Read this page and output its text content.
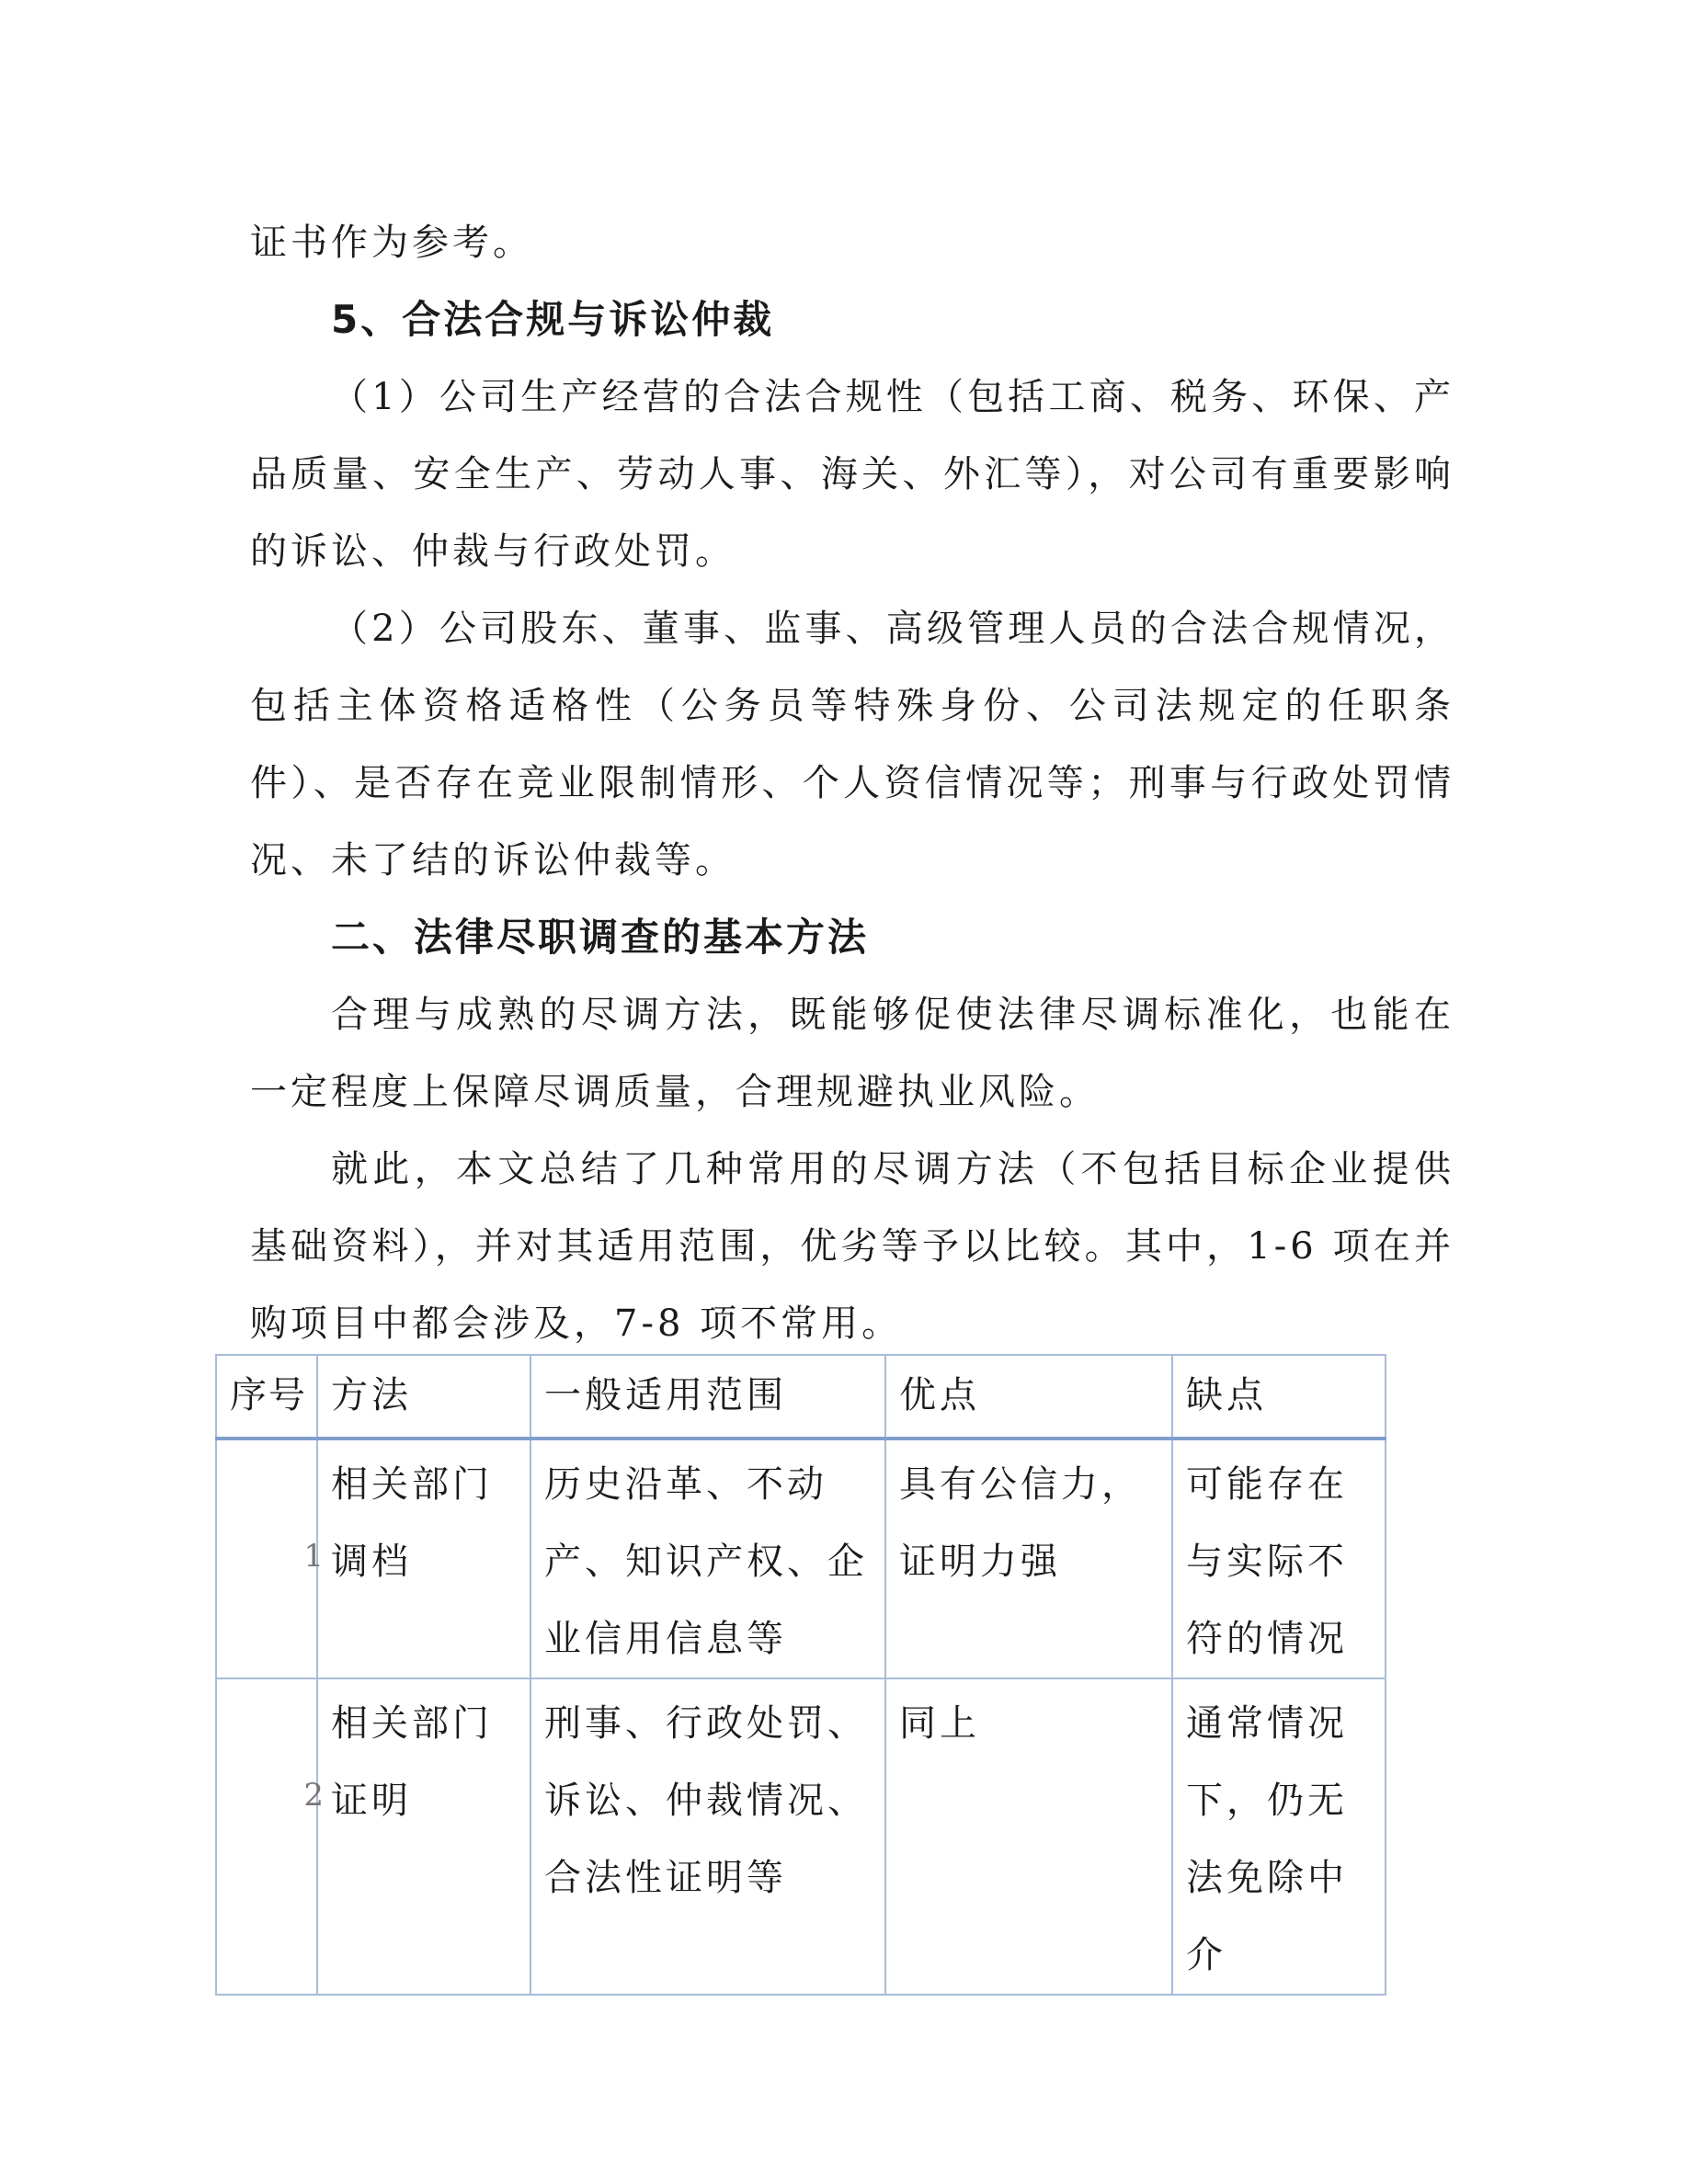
证书作为参考。

5、合法合规与诉讼仲裁

（1）公司生产经营的合法合规性（包括工商、税务、环保、产品质量、安全生产、劳动人事、海关、外汇等），对公司有重要影响的诉讼、仲裁与行政处罚。

（2）公司股东、董事、监事、高级管理人员的合法合规情况，包括主体资格适格性（公务员等特殊身份、公司法规定的任职条件）、是否存在竞业限制情形、个人资信情况等；刑事与行政处罚情况、未了结的诉讼仲裁等。

二、法律尽职调查的基本方法

合理与成熟的尽调方法，既能够促使法律尽调标准化，也能在一定程度上保障尽调质量，合理规避执业风险。

就此，本文总结了几种常用的尽调方法（不包括目标企业提供基础资料），并对其适用范围，优劣等予以比较。其中，1-6 项在并购项目中都会涉及，7-8 项不常用。

序号	方法	一般适用范围	优点	缺点

1	相关部门调档	历史沿革、不动产、知识产权、企业信用信息等	具有公信力，证明力强	可能存在与实际不符的情况

2	相关部门证明	刑事、行政处罚、诉讼、仲裁情况、合法性证明等	同上	通常情况下，仍无法免除中介
